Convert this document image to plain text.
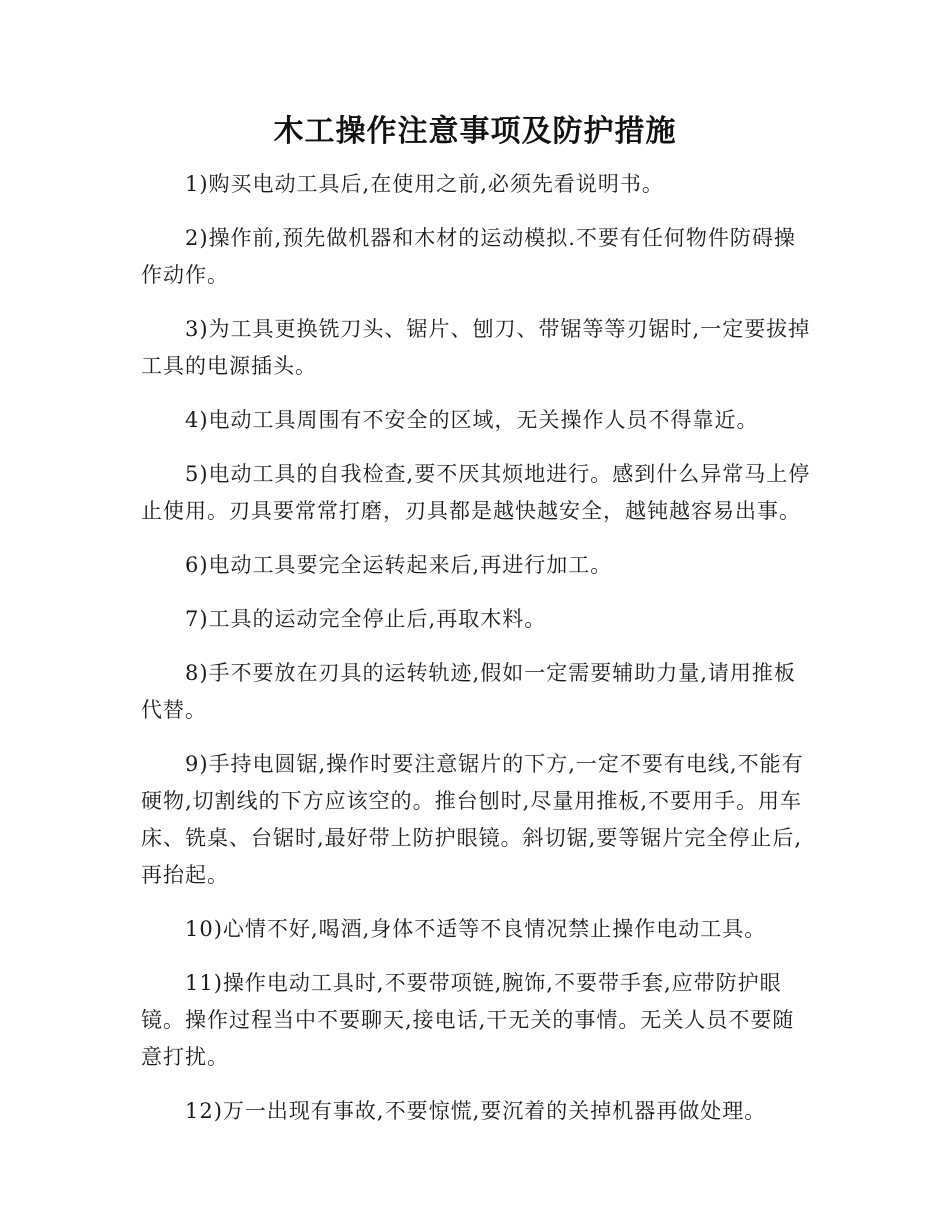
木工操作注意事项及防护措施

1)购买电动工具后,在使用之前,必须先看说明书。

2)操作前,预先做机器和木材的运动模拟.不要有任何物件防碍操作动作。

3)为工具更换铣刀头、锯片、刨刀、带锯等等刃锯时,一定要拔掉工具的电源插头。

4)电动工具周围有不安全的区域，无关操作人员不得靠近。

5)电动工具的自我检查,要不厌其烦地进行。感到什么异常马上停止使用。刃具要常常打磨，刃具都是越快越安全，越钝越容易出事。

6)电动工具要完全运转起来后,再进行加工。

7)工具的运动完全停止后,再取木料。

8)手不要放在刃具的运转轨迹,假如一定需要辅助力量,请用推板代替。

9)手持电圆锯,操作时要注意锯片的下方,一定不要有电线,不能有硬物,切割线的下方应该空的。推台刨时,尽量用推板,不要用手。用车床、铣桌、台锯时,最好带上防护眼镜。斜切锯,要等锯片完全停止后,再抬起。

10)心情不好,喝酒,身体不适等不良情况禁止操作电动工具。

11)操作电动工具时,不要带项链,腕饰,不要带手套,应带防护眼镜。操作过程当中不要聊天,接电话,干无关的事情。无关人员不要随意打扰。

12)万一出现有事故,不要惊慌,要沉着的关掉机器再做处理。
